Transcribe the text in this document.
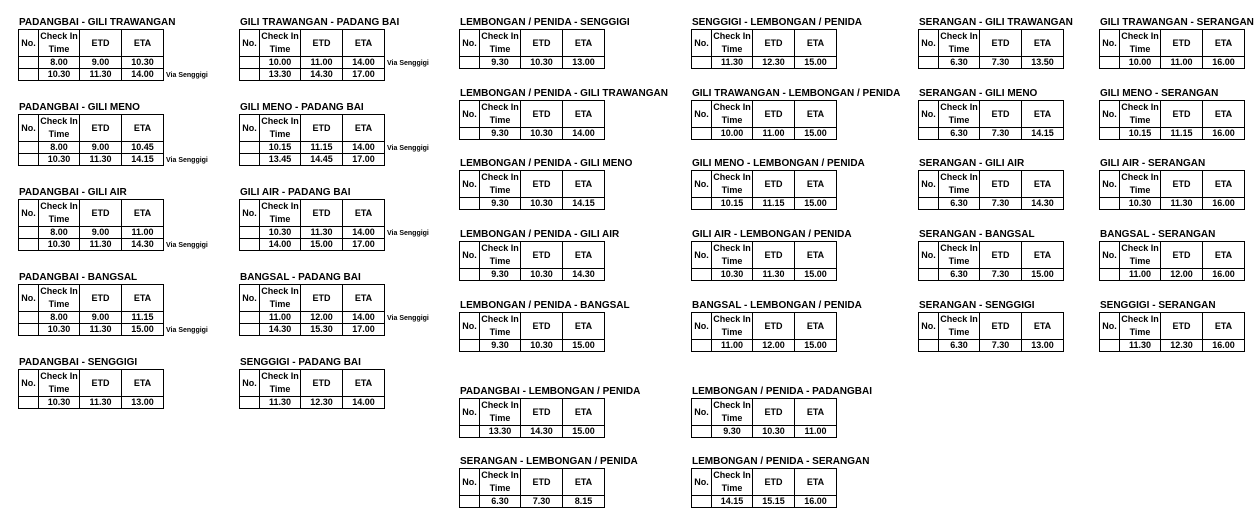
PADANGBAI - GILI TRAWANGAN
No.	Check In Time	ETD	ETA
	8.00	9.00	10.30
	10.30	11.30	14.00 Via Senggigi
PADANGBAI - GILI MENO
No.	Check In Time	ETD	ETA
	8.00	9.00	10.45
	10.30	11.30	14.15 Via Senggigi
PADANGBAI - GILI AIR
No.	Check In Time	ETD	ETA
	8.00	9.00	11.00
	10.30	11.30	14.30 Via Senggigi
PADANGBAI - BANGSAL
No.	Check In Time	ETD	ETA
	8.00	9.00	11.15
	10.30	11.30	15.00 Via Senggigi
PADANGBAI - SENGGIGI
No.	Check In Time	ETD	ETA
	10.30	11.30	13.00
GILI TRAWANGAN - PADANG BAI
No.	Check In Time	ETD	ETA
	10.00	11.00	14.00
	13.30	14.30	17.00
Via Senggigi
GILI MENO - PADANG BAI
No.	Check In Time	ETD	ETA
	10.15	11.15	14.00
	13.45	14.45	17.00
Via Senggigi
GILI AIR - PADANG BAI
No.	Check In Time	ETD	ETA
	10.30	11.30	14.00
	14.00	15.00	17.00
Via Senggigi
BANGSAL - PADANG BAI
No.	Check In Time	ETD	ETA
	11.00	12.00	14.00
	14.30	15.30	17.00
Via Senggigi
SENGGIGI - PADANG BAI
No.	Check In Time	ETD	ETA
	11.30	12.30	14.00
LEMBONGAN / PENIDA - SENGGIGI
No.	Check In Time	ETD	ETA
	9.30	10.30	13.00
LEMBONGAN / PENIDA - GILI TRAWANGAN
No.	Check In Time	ETD	ETA
	9.30	10.30	14.00
LEMBONGAN / PENIDA - GILI MENO
No.	Check In Time	ETD	ETA
	9.30	10.30	14.15
LEMBONGAN / PENIDA - GILI AIR
No.	Check In Time	ETD	ETA
	9.30	10.30	14.30
LEMBONGAN / PENIDA - BANGSAL
No.	Check In Time	ETD	ETA
	9.30	10.30	15.00
PADANGBAI - LEMBONGAN / PENIDA
No.	Check In Time	ETD	ETA
	13.30	14.30	15.00
SERANGAN - LEMBONGAN / PENIDA
No.	Check In Time	ETD	ETA
	6.30	7.30	8.15
SENGGIGI - LEMBONGAN / PENIDA
No.	Check In Time	ETD	ETA
	11.30	12.30	15.00
GILI TRAWANGAN - LEMBONGAN / PENIDA
No.	Check In Time	ETD	ETA
	10.00	11.00	15.00
GILI MENO - LEMBONGAN / PENIDA
No.	Check In Time	ETD	ETA
	10.15	11.15	15.00
GILI AIR - LEMBONGAN / PENIDA
No.	Check In Time	ETD	ETA
	10.30	11.30	15.00
BANGSAL - LEMBONGAN / PENIDA
No.	Check In Time	ETD	ETA
	11.00	12.00	15.00
LEMBONGAN / PENIDA - PADANGBAI
No.	Check In Time	ETD	ETA
	9.30	10.30	11.00
LEMBONGAN / PENIDA - SERANGAN
No.	Check In Time	ETD	ETA
	14.15	15.15	16.00
SERANGAN - GILI TRAWANGAN
No.	Check In Time	ETD	ETA
	6.30	7.30	13.50
SERANGAN - GILI MENO
No.	Check In Time	ETD	ETA
	6.30	7.30	14.15
SERANGAN - GILI AIR
No.	Check In Time	ETD	ETA
	6.30	7.30	14.30
SERANGAN - BANGSAL
No.	Check In Time	ETD	ETA
	6.30	7.30	15.00
SERANGAN - SENGGIGI
No.	Check In Time	ETD	ETA
	6.30	7.30	13.00
GILI TRAWANGAN - SERANGAN
No.	Check In Time	ETD	ETA
	10.00	11.00	16.00
GILI MENO - SERANGAN
No.	Check In Time	ETD	ETA
	10.15	11.15	16.00
GILI AIR - SERANGAN
No.	Check In Time	ETD	ETA
	10.30	11.30	16.00
BANGSAL - SERANGAN
No.	Check In Time	ETD	ETA
	11.00	12.00	16.00
SENGGIGI - SERANGAN
No.	Check In Time	ETD	ETA
	11.30	12.30	16.00
